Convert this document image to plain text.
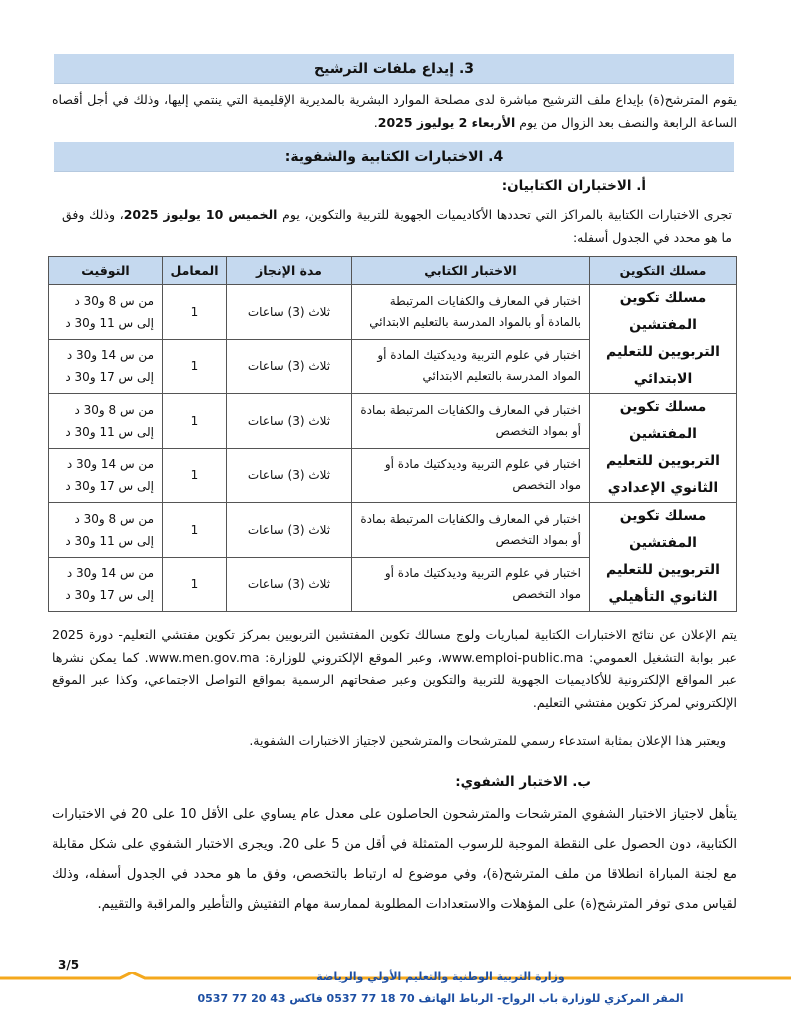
3. إيداع ملفات الترشيح

يقوم المترشح(ة) بإيداع ملف الترشيح مباشرة لدى مصلحة الموارد البشرية بالمديرية الإقليمية التي ينتمي إليها، وذلك في أجل أقصاه الساعة الرابعة والنصف بعد الزوال من يوم الأربعاء 2 يوليوز 2025.

4. الاختبارات الكتابية والشفوية:
أ. الاختباران الكتابيان:

تجرى الاختبارات الكتابية بالمراكز التي تحددها الأكاديميات الجهوية للتربية والتكوين، يوم الخميس 10 يوليوز 2025، وذلك وفق ما هو محدد في الجدول أسفله:

مسلك التكوين	الاختبار الكتابي	مدة الإنجاز	المعامل	التوقيت
مسلك تكوين المفتشين التربويين للتعليم الابتدائي	اختبار في المعارف والكفايات المرتبطة بالمادة أو بالمواد المدرسة بالتعليم الابتدائي	ثلاث (3) ساعات	1	من س 8 و30 د
إلى س 11 و30 د

	اختبار في علوم التربية وديدكتيك المادة أو المواد المدرسة بالتعليم الابتدائي	ثلاث (3) ساعات	1	من س 14 و30 د
إلى س 17 و30 د

مسلك تكوين المفتشين التربويين للتعليم الثانوي الإعدادي	اختبار في المعارف والكفايات المرتبطة بمادة أو بمواد التخصص	ثلاث (3) ساعات	1	من س 8 و30 د
إلى س 11 و30 د

	اختبار في علوم التربية وديدكتيك مادة أو مواد التخصص	ثلاث (3) ساعات	1	من س 14 و30 د
إلى س 17 و30 د

مسلك تكوين المفتشين التربويين للتعليم الثانوي التأهيلي	اختبار في المعارف والكفايات المرتبطة بمادة أو بمواد التخصص	ثلاث (3) ساعات	1	من س 8 و30 د
إلى س 11 و30 د

	اختبار في علوم التربية وديدكتيك مادة أو مواد التخصص	ثلاث (3) ساعات	1	من س 14 و30 د
إلى س 17 و30 د

يتم الإعلان عن نتائج الاختبارات الكتابية لمباريات ولوج مسالك تكوين المفتشين التربويين بمركز تكوين مفتشي التعليم- دورة 2025 عبر بوابة التشغيل العمومي: www.emploi-public.ma، وعبر الموقع الإلكتروني للوزارة: www.men.gov.ma. كما يمكن نشرها عبر المواقع الإلكترونية للأكاديميات الجهوية للتربية والتكوين وعبر صفحاتهم الرسمية بمواقع التواصل الاجتماعي، وكذا عبر الموقع الإلكتروني لمركز تكوين مفتشي التعليم.

ويعتبر هذا الإعلان بمثابة استدعاء رسمي للمترشحات والمترشحين لاجتياز الاختبارات الشفوية.

ب. الاختبار الشفوي:

يتأهل لاجتياز الاختبار الشفوي المترشحات والمترشحون الحاصلون على معدل عام يساوي على الأقل 10 على 20 في الاختبارات الكتابية، دون الحصول على النقطة الموجبة للرسوب المتمثلة في أقل من 5 على 20. ويجرى الاختبار الشفوي على شكل مقابلة مع لجنة المباراة انطلاقا من ملف المترشح(ة)، وفي موضوع له ارتباط بالتخصص، وفق ما هو محدد في الجدول أسفله، وذلك لقياس مدى توفر المترشح(ة) على المؤهلات والاستعدادات المطلوبة لممارسة مهام التفتيش والتأطير والمراقبة والتقييم.

3/5
وزارة التربية الوطنية والتعليم الأولي والرياضة
المقر المركزي للوزارة باب الرواح- الرباط الهاتف 70 18 77 0537 فاكس 43 20 77 0537
